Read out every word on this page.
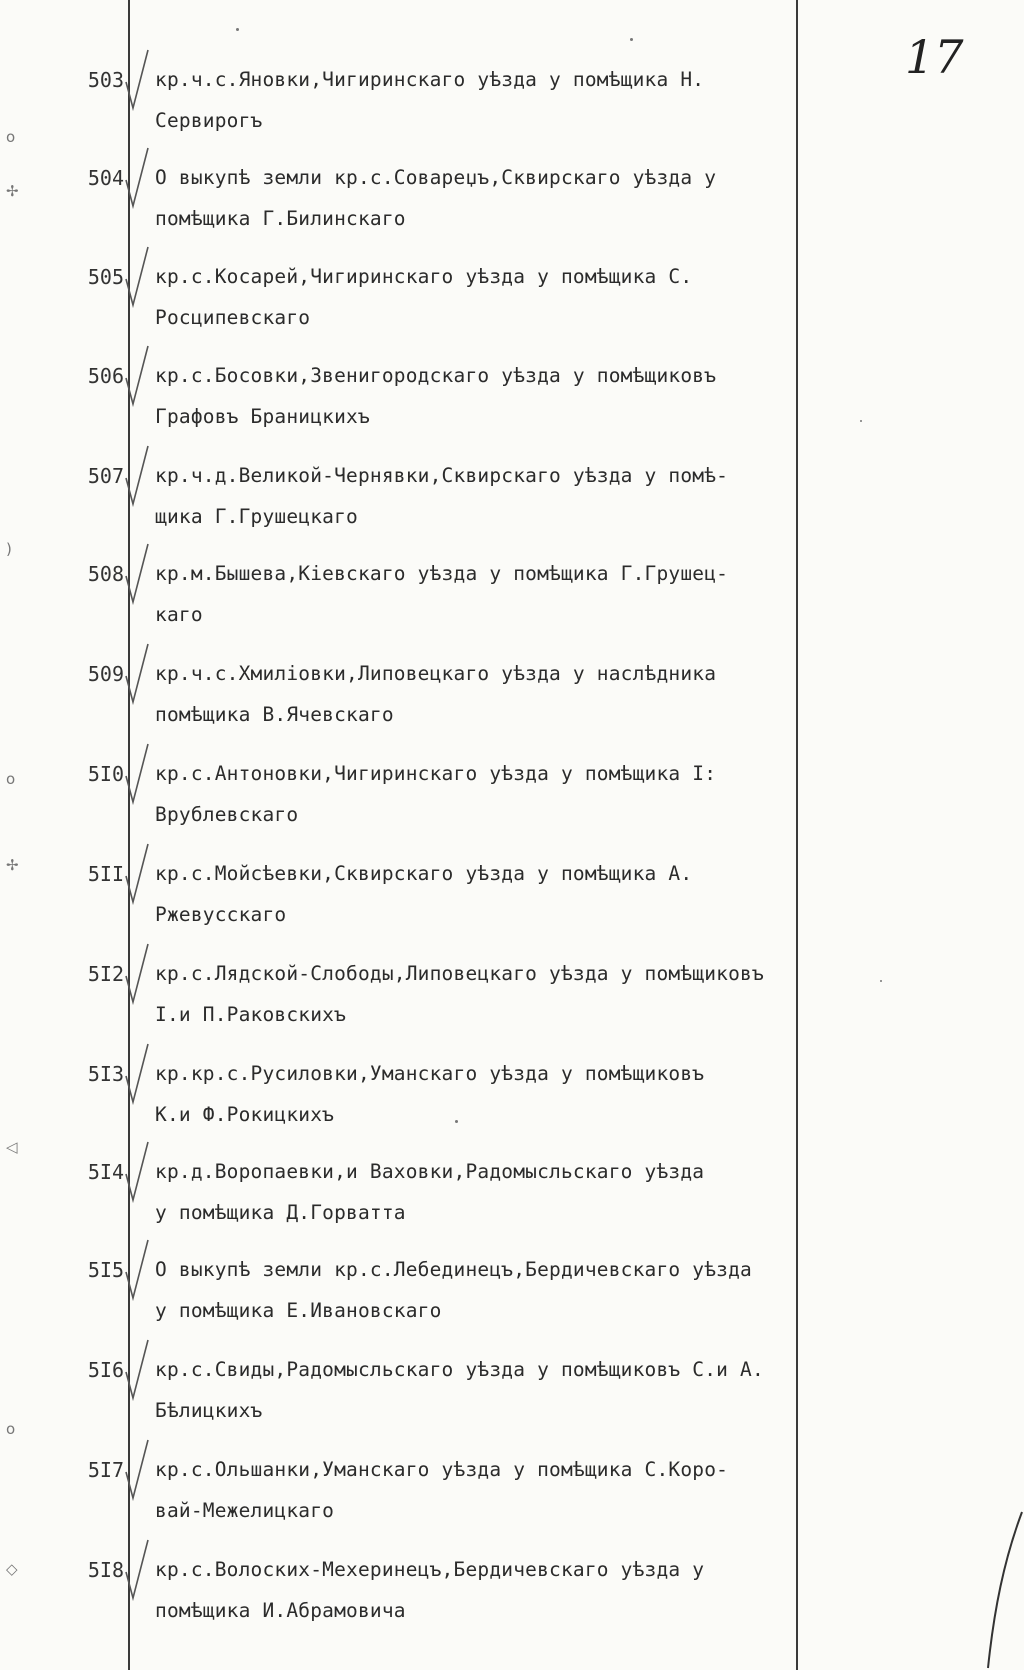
17
o
✢
)
o
✢
◁
o
◇
503 кр.ч.с.Яновки,Чигиринскаго уѣзда у помѣщика Н.
Сервирогъ
504 О выкупѣ земли кр.с.Совареџъ,Сквирскаго уѣзда у
помѣщика Г.Билинскаго
505 кр.с.Косарей,Чигиринскаго уѣзда у помѣщика С.
Росципевскаго
506 кр.с.Босовки,Звенигородскаго уѣзда у помѣщиковъ
Графовъ Браницкихъ
507 кр.ч.д.Великой-Чернявки,Сквирскаго уѣзда у помѣ-
щика Г.Грушецкаго
508 кр.м.Бышева,Кіевскаго уѣзда у помѣщика Г.Грушец-
каго
509 кр.ч.с.Хмиліовки,Липовецкаго уѣзда у наслѣдника
помѣщика В.Ячевскаго
5I0 кр.с.Антоновки,Чигиринскаго уѣзда у помѣщика I:
Врублевскаго
5II кр.с.Мойсѣевки,Сквирскаго уѣзда у помѣщика А.
Ржевусскаго
5I2 кр.с.Лядской-Слободы,Липовецкаго уѣзда у помѣщиковъ
I.и П.Раковскихъ
5I3 кр.кр.с.Русиловки,Уманскаго уѣзда у помѣщиковъ
К.и Ф.Рокицкихъ
5I4 кр.д.Воропаевки,и Ваховки,Радомысльскаго уѣзда
у помѣщика Д.Горватта
5I5 О выкупѣ земли кр.с.Лебединецъ,Бердичевскаго уѣзда
у помѣщика Е.Ивановскаго
5I6 кр.с.Свиды,Радомысльскаго уѣзда у помѣщиковъ С.и А.
Бѣлицкихъ
5I7 кр.с.Ольшанки,Уманскаго уѣзда у помѣщика С.Коро-
вай-Межелицкаго
5I8 кр.с.Волоских-Мехеринецъ,Бердичевскаго уѣзда у
помѣщика И.Абрамовича
